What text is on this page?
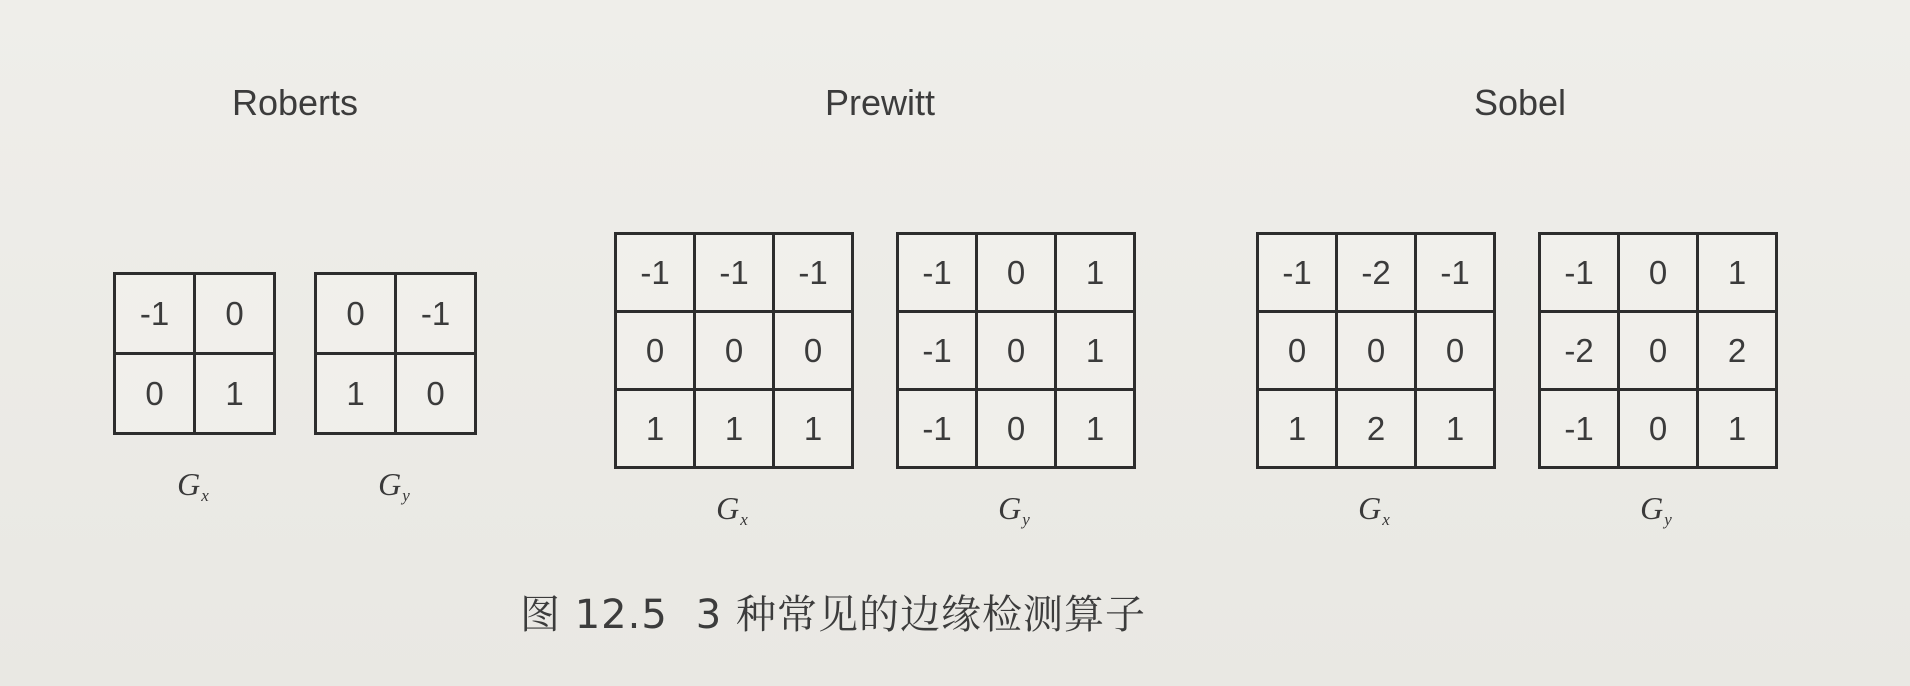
Roberts	Prewitt	Sobel
-1	0
0	1
0	-1
1	0
-1	-1	-1
0	0	0
1	1	1
-1	0	1
-1	0	1
-1	0	1
-1	-2	-1
0	0	0
1	2	1
-1	0	1
-2	0	2
-1	0	1
$G_x$	$G_y$	$G_x$	$G_y$	$G_x$	$G_y$
图 12.5 3 种常见的边缘检测算子
